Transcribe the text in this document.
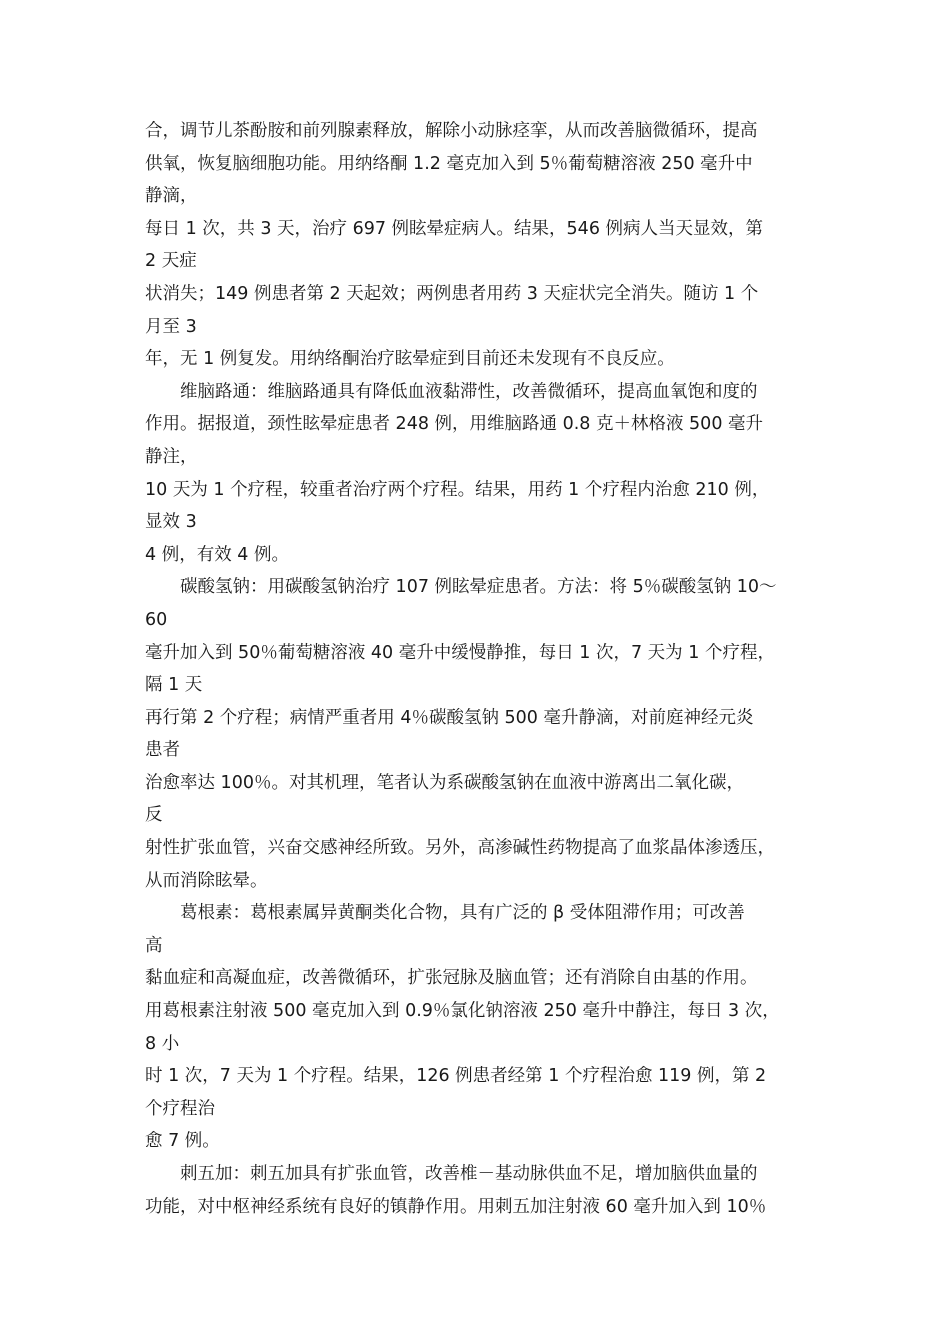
合，调节儿茶酚胺和前列腺素释放，解除小动脉痉挛，从而改善脑微循环，提高
供氧，恢复脑细胞功能。用纳络酮 1.2 毫克加入到 5％葡萄糖溶液 250 毫升中
静滴，
每日 1 次，共 3 天，治疗 697 例眩晕症病人。结果，546 例病人当天显效，第
2 天症
状消失；149 例患者第 2 天起效；两例患者用药 3 天症状完全消失。随访 1 个
月至 3
年，无 1 例复发。用纳络酮治疗眩晕症到目前还未发现有不良反应。
维脑路通：维脑路通具有降低血液黏滞性，改善微循环，提高血氧饱和度的
作用。据报道，颈性眩晕症患者 248 例，用维脑路通 0.8 克＋林格液 500 毫升
静注，
10 天为 1 个疗程，较重者治疗两个疗程。结果，用药 1 个疗程内治愈 210 例，
显效 3
4 例，有效 4 例。
碳酸氢钠：用碳酸氢钠治疗 107 例眩晕症患者。方法：将 5％碳酸氢钠 10～
60
毫升加入到 50％葡萄糖溶液 40 毫升中缓慢静推，每日 1 次，7 天为 1 个疗程，
隔 1 天
再行第 2 个疗程；病情严重者用 4％碳酸氢钠 500 毫升静滴，对前庭神经元炎
患者
治愈率达 100％。对其机理，笔者认为系碳酸氢钠在血液中游离出二氧化碳，
反
射性扩张血管，兴奋交感神经所致。另外，高渗碱性药物提高了血浆晶体渗透压，
从而消除眩晕。
葛根素：葛根素属异黄酮类化合物，具有广泛的 β 受体阻滞作用；可改善
高
黏血症和高凝血症，改善微循环，扩张冠脉及脑血管；还有消除自由基的作用。
用葛根素注射液 500 毫克加入到 0.9％氯化钠溶液 250 毫升中静注，每日 3 次，
8 小
时 1 次，7 天为 1 个疗程。结果，126 例患者经第 1 个疗程治愈 119 例，第 2
个疗程治
愈 7 例。
刺五加：刺五加具有扩张血管，改善椎－基动脉供血不足，增加脑供血量的
功能，对中枢神经系统有良好的镇静作用。用刺五加注射液 60 毫升加入到 10％
